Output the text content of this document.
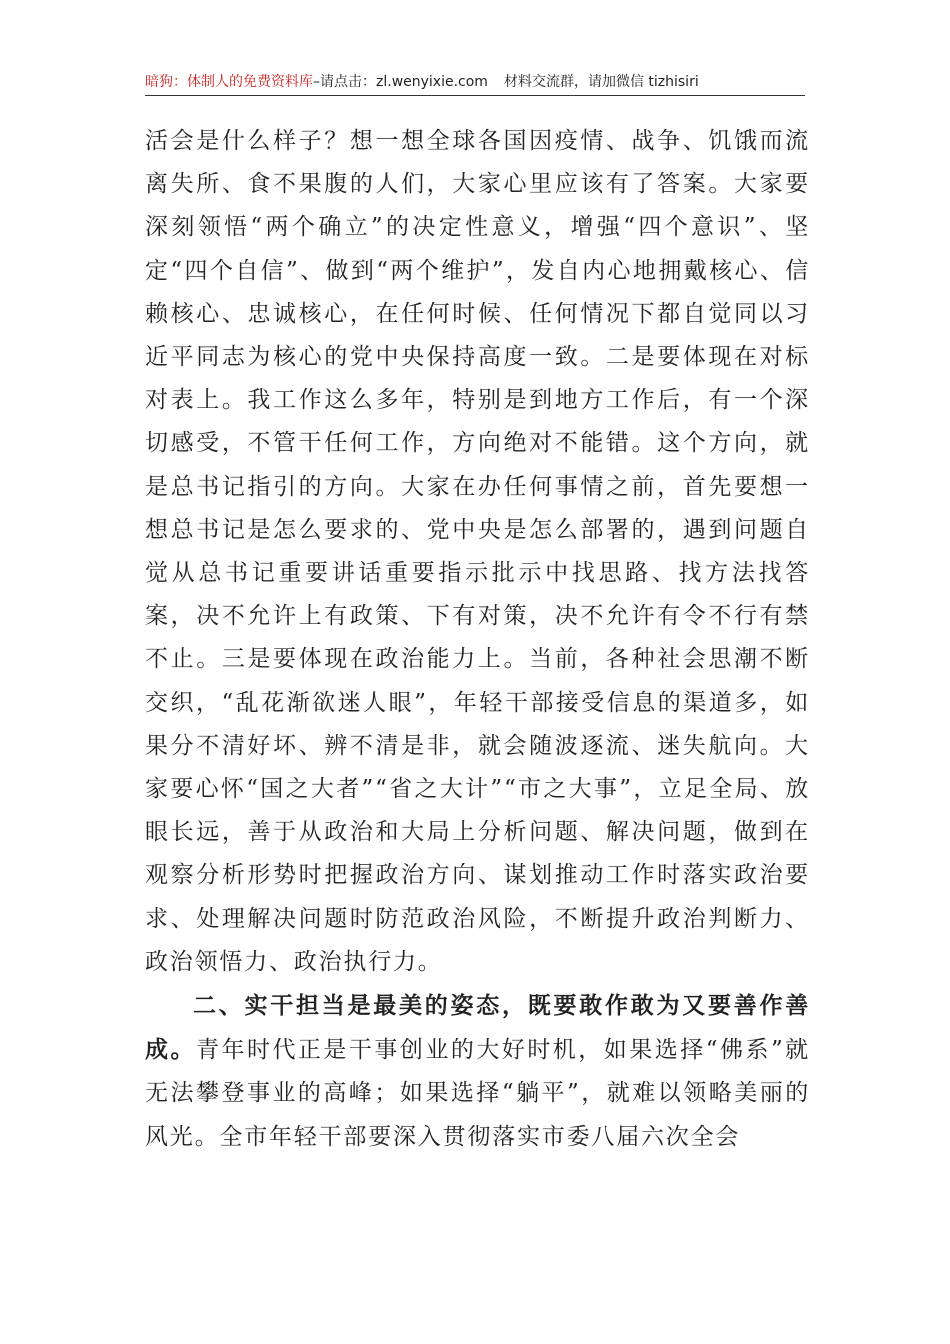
暗狗：体制人的免费资料库–请点击：zl.wenyixie.com 材料交流群，请加微信 tizhisiri

活会是什么样子？想一想全球各国因疫情、战争、饥饿而流离失所、食不果腹的人们，大家心里应该有了答案。大家要深刻领悟“两个确立”的决定性意义，增强“四个意识”、坚定“四个自信”、做到“两个维护”，发自内心地拥戴核心、信赖核心、忠诚核心，在任何时候、任何情况下都自觉同以习近平同志为核心的党中央保持高度一致。二是要体现在对标对表上。我工作这么多年，特别是到地方工作后，有一个深切感受，不管干任何工作，方向绝对不能错。这个方向，就是总书记指引的方向。大家在办任何事情之前，首先要想一想总书记是怎么要求的、党中央是怎么部署的，遇到问题自觉从总书记重要讲话重要指示批示中找思路、找方法找答案，决不允许上有政策、下有对策，决不允许有令不行有禁不止。三是要体现在政治能力上。当前，各种社会思潮不断交织，“乱花渐欲迷人眼”，年轻干部接受信息的渠道多，如果分不清好坏、辨不清是非，就会随波逐流、迷失航向。大家要心怀“国之大者”“省之大计”“市之大事”，立足全局、放眼长远，善于从政治和大局上分析问题、解决问题，做到在观察分析形势时把握政治方向、谋划推动工作时落实政治要求、处理解决问题时防范政治风险，不断提升政治判断力、政治领悟力、政治执行力。

二、实干担当是最美的姿态，既要敢作敢为又要善作善成。青年时代正是干事创业的大好时机，如果选择“佛系”就无法攀登事业的高峰；如果选择“躺平”，就难以领略美丽的风光。全市年轻干部要深入贯彻落实市委八届六次全会
